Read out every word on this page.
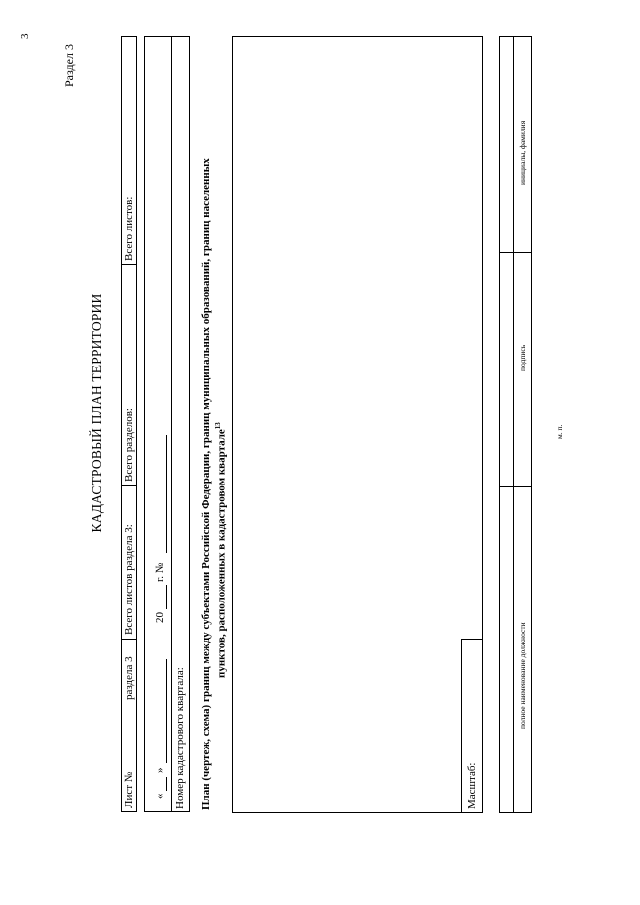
3
Раздел 3
КАДАСТРОВЫЙ ПЛАН ТЕРРИТОРИИ
Лист №
раздела 3
Всего листов раздела 3:
Всего разделов:
Всего листов:
«
»
20
г. №
Номер кадастрового квартала: План (чертеж, схема) границ между субъектами Российской Федерации, границ муниципальных образований, границ населенных пунктов, расположенных в кадастровом квартале$^{13}$
Масштаб:
полное наименование должности
подпись
инициалы, фамилия
м. п.
